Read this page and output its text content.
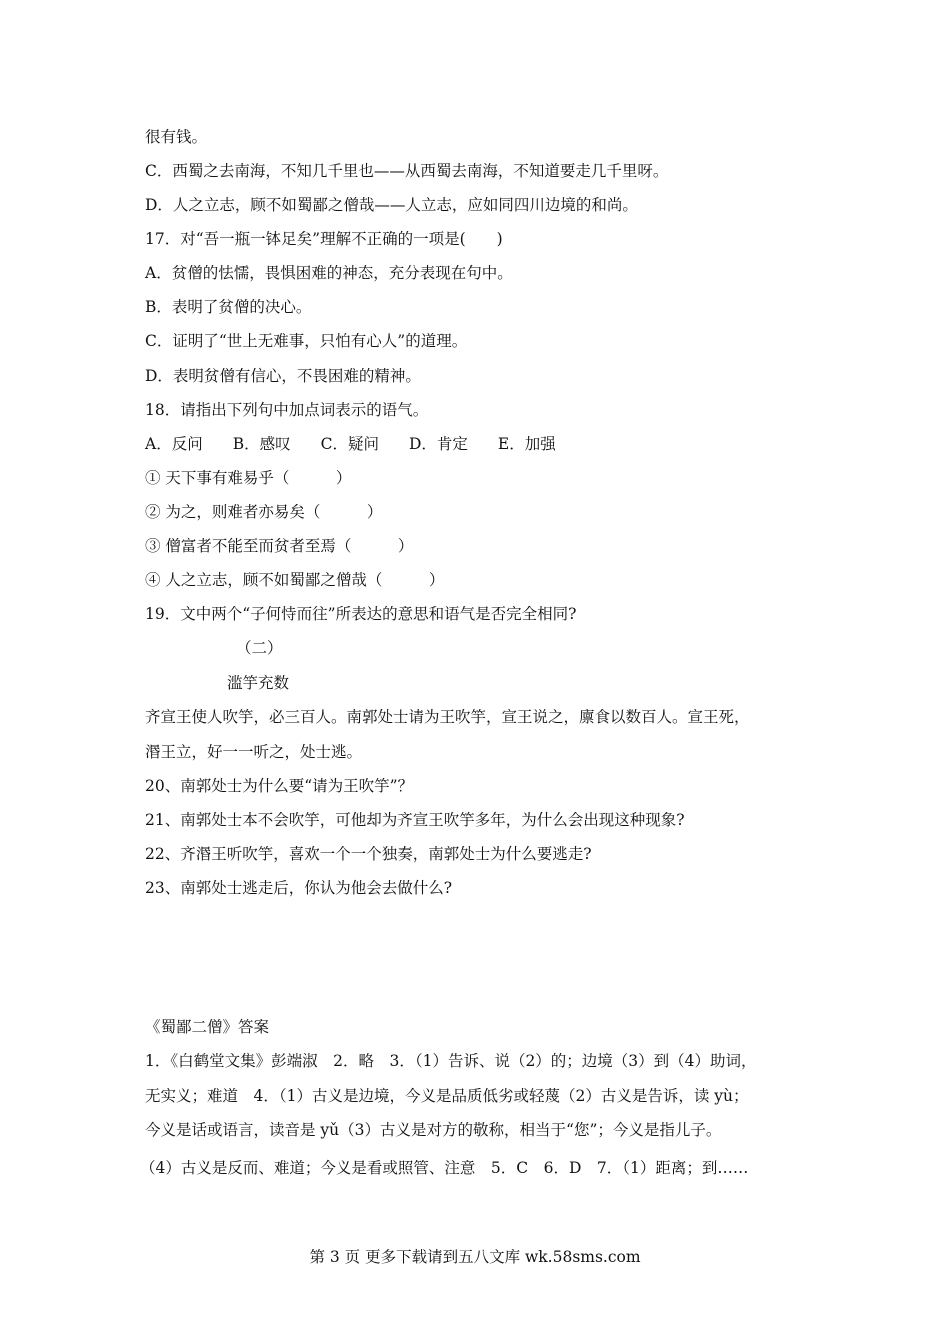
很有钱。
C．西蜀之去南海，不知几千里也——从西蜀去南海，不知道要走几千里呀。
D．人之立志，顾不如蜀鄙之僧哉——人立志，应如同四川边境的和尚。
17．对“吾一瓶一钵足矣”理解不正确的一项是(　　)
A．贫僧的怯懦，畏惧困难的神态，充分表现在句中。
B．表明了贫僧的决心。
C．证明了“世上无难事，只怕有心人”的道理。
D．表明贫僧有信心，不畏困难的精神。
18．请指出下列句中加点词表示的语气。
A．反问 B．感叹 C．疑问 D．肯定 E．加强
① 天下事有难易乎（　　　）
② 为之，则难者亦易矣（　　　）
③ 僧富者不能至而贫者至焉（　　　）
④ 人之立志，顾不如蜀鄙之僧哉（　　　）
19．文中两个“子何恃而往”所表达的意思和语气是否完全相同?
（二）
滥竽充数
齐宣王使人吹竽，必三百人。南郭处士请为王吹竽，宣王说之，廪食以数百人。宣王死，
湣王立，好一一听之，处士逃。
20、南郭处士为什么要“请为王吹竽”？
21、南郭处士本不会吹竽，可他却为齐宣王吹竽多年，为什么会出现这种现象?
22、齐湣王听吹竽，喜欢一个一个独奏，南郭处士为什么要逃走?
23、南郭处士逃走后，你认为他会去做什么?
《蜀鄙二僧》答案
1．《白鹤堂文集》彭端淑　2．略　3．（1）告诉、说（2）的；边境（3）到（4）助词，
无实义；难道　4．（1）古义是边境，今义是品质低劣或轻蔑（2）古义是告诉，读 yù；
今义是话或语言，读音是 yǔ（3）古义是对方的敬称，相当于“您”；今义是指儿子。
（4）古义是反而、难道；今义是看或照管、注意　5．C　6．D　7．（1）距离；到……
第 3 页 更多下载请到五八文库 wk.58sms.com
